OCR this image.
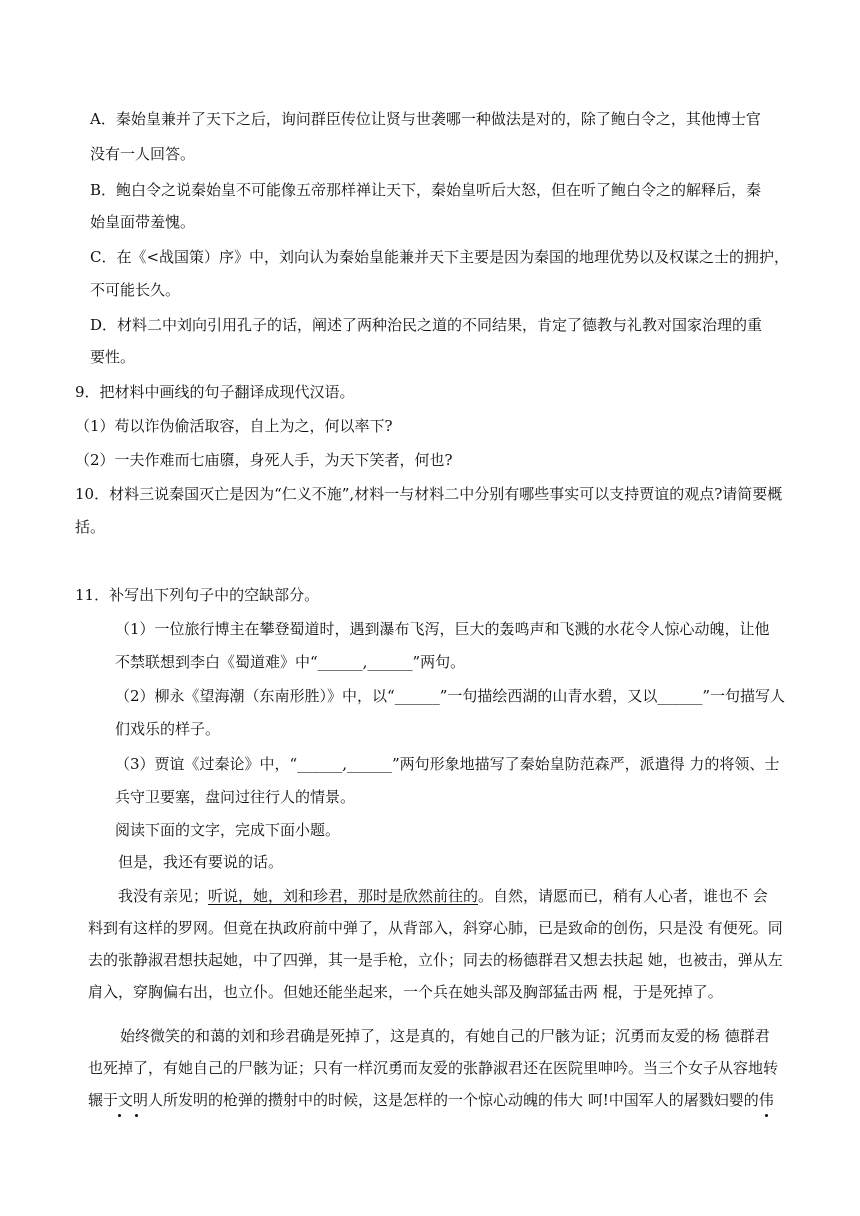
A．秦始皇兼并了天下之后，询问群臣传位让贤与世袭哪一种做法是对的，除了鲍白令之，其他博士官
没有一人回答。
B．鲍白令之说秦始皇不可能像五帝那样禅让天下，秦始皇听后大怒，但在听了鲍白令之的解释后，秦
始皇面带羞愧。
C．在《<战国策）序》中，刘向认为秦始皇能兼并天下主要是因为秦国的地理优势以及权谋之士的拥护，
不可能长久。
D．材料二中刘向引用孔子的话，阐述了两种治民之道的不同结果，肯定了德教与礼教对国家治理的重
要性。
9．把材料中画线的句子翻译成现代汉语。
（1）苟以诈伪偷活取容，自上为之，何以率下?
（2）一夫作难而七庙隳，身死人手，为天下笑者，何也?
10．材料三说秦国灭亡是因为“仁义不施”,材料一与材料二中分别有哪些事实可以支持贾谊的观点?请简要概
括。
11．补写出下列句子中的空缺部分。
（1）一位旅行博主在攀登蜀道时，遇到瀑布飞泻，巨大的轰鸣声和飞溅的水花令人惊心动魄，让他
不禁联想到李白《蜀道难》中“______,______”两句。
（2）柳永《望海潮（东南形胜）》中，以“______”一句描绘西湖的山青水碧，又以______”一句描写人
们戏乐的样子。
（3）贾谊《过秦论》中，“______,______”两句形象地描写了秦始皇防范森严，派遣得 力的将领、士
兵守卫要塞，盘问过往行人的情景。
阅读下面的文字，完成下面小题。
但是，我还有要说的话。
我没有亲见；听说，她，刘和珍君，那时是欣然前往的。自然，请愿而已，稍有人心者，谁也不 会
料到有这样的罗网。但竟在执政府前中弹了，从背部入，斜穿心肺，已是致命的创伤，只是没 有便死。同
去的张静淑君想扶起她，中了四弹，其一是手枪，立仆；同去的杨德群君又想去扶起 她，也被击，弹从左
肩入，穿胸偏右出，也立仆。但她还能坐起来，一个兵在她头部及胸部猛击两 棍，于是死掉了。
始终微笑的和蔼的刘和珍君确是死掉了，这是真的，有她自己的尸骸为证；沉勇而友爱的杨 德群君
也死掉了，有她自己的尸骸为证；只有一样沉勇而友爱的张静淑君还在医院里呻吟。当三个女子从容地转
辗于文明人所发明的枪弹的攒射中的时候，这是怎样的一个惊心动魄的伟大 呵!中国军人的屠戮妇婴的伟
